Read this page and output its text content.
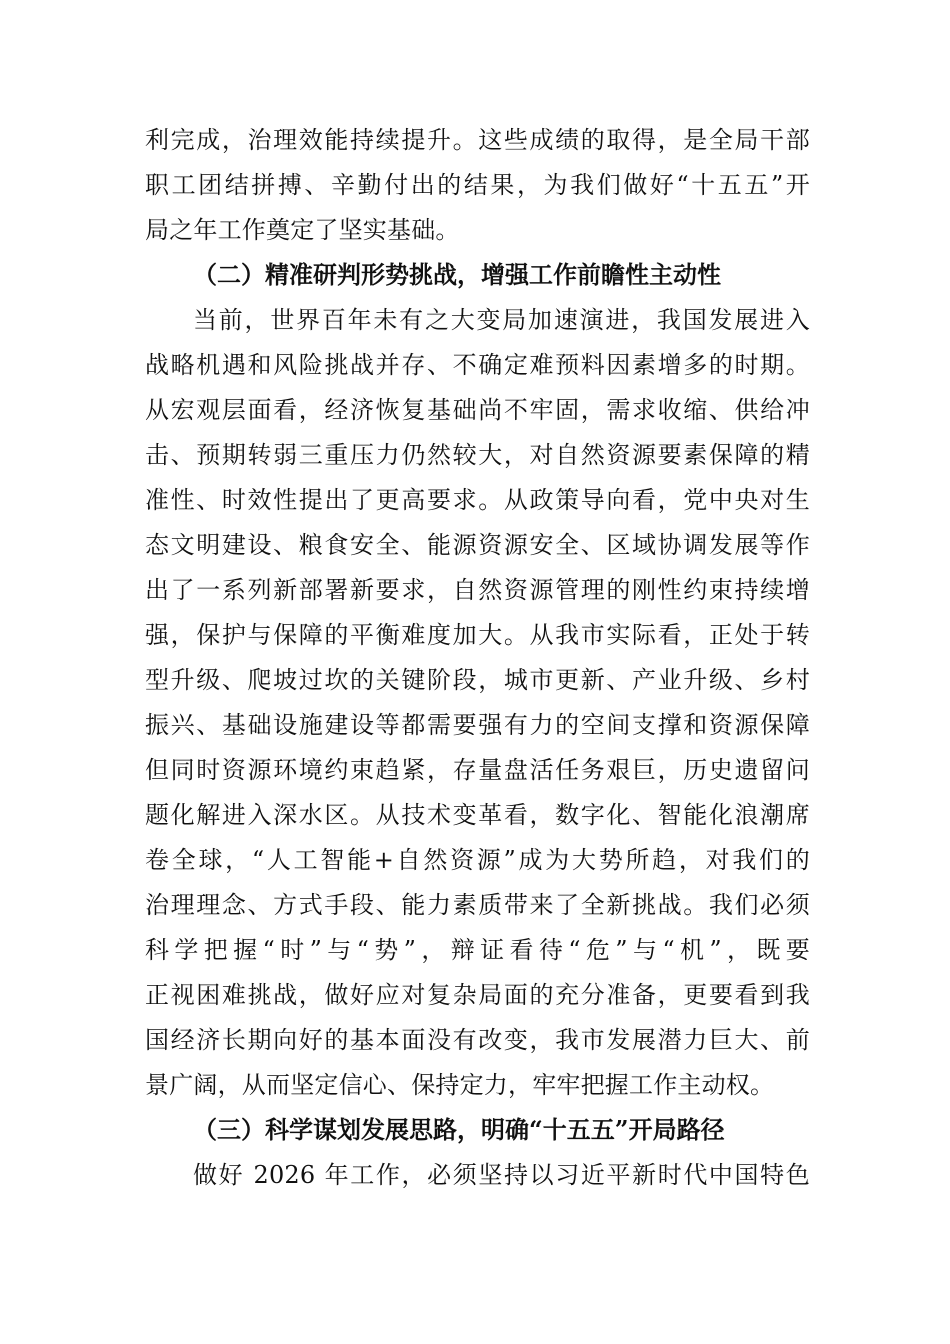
利完成，治理效能持续提升。这些成绩的取得，是全局干部
职工团结拼搏、辛勤付出的结果，为我们做好“十五五”开
局之年工作奠定了坚实基础。
（二）精准研判形势挑战，增强工作前瞻性主动性
当前，世界百年未有之大变局加速演进，我国发展进入
战略机遇和风险挑战并存、不确定难预料因素增多的时期。
从宏观层面看，经济恢复基础尚不牢固，需求收缩、供给冲
击、预期转弱三重压力仍然较大，对自然资源要素保障的精
准性、时效性提出了更高要求。从政策导向看，党中央对生
态文明建设、粮食安全、能源资源安全、区域协调发展等作
出了一系列新部署新要求，自然资源管理的刚性约束持续增
强，保护与保障的平衡难度加大。从我市实际看，正处于转
型升级、爬坡过坎的关键阶段，城市更新、产业升级、乡村
振兴、基础设施建设等都需要强有力的空间支撑和资源保障
但同时资源环境约束趋紧，存量盘活任务艰巨，历史遗留问
题化解进入深水区。从技术变革看，数字化、智能化浪潮席
卷全球，“人工智能+自然资源”成为大势所趋，对我们的
治理理念、方式手段、能力素质带来了全新挑战。我们必须
科学把握“时”与“势”，辩证看待“危”与“机”，既要
正视困难挑战，做好应对复杂局面的充分准备，更要看到我
国经济长期向好的基本面没有改变，我市发展潜力巨大、前
景广阔，从而坚定信心、保持定力，牢牢把握工作主动权。
（三）科学谋划发展思路，明确“十五五”开局路径
做好 2026 年工作，必须坚持以习近平新时代中国特色
